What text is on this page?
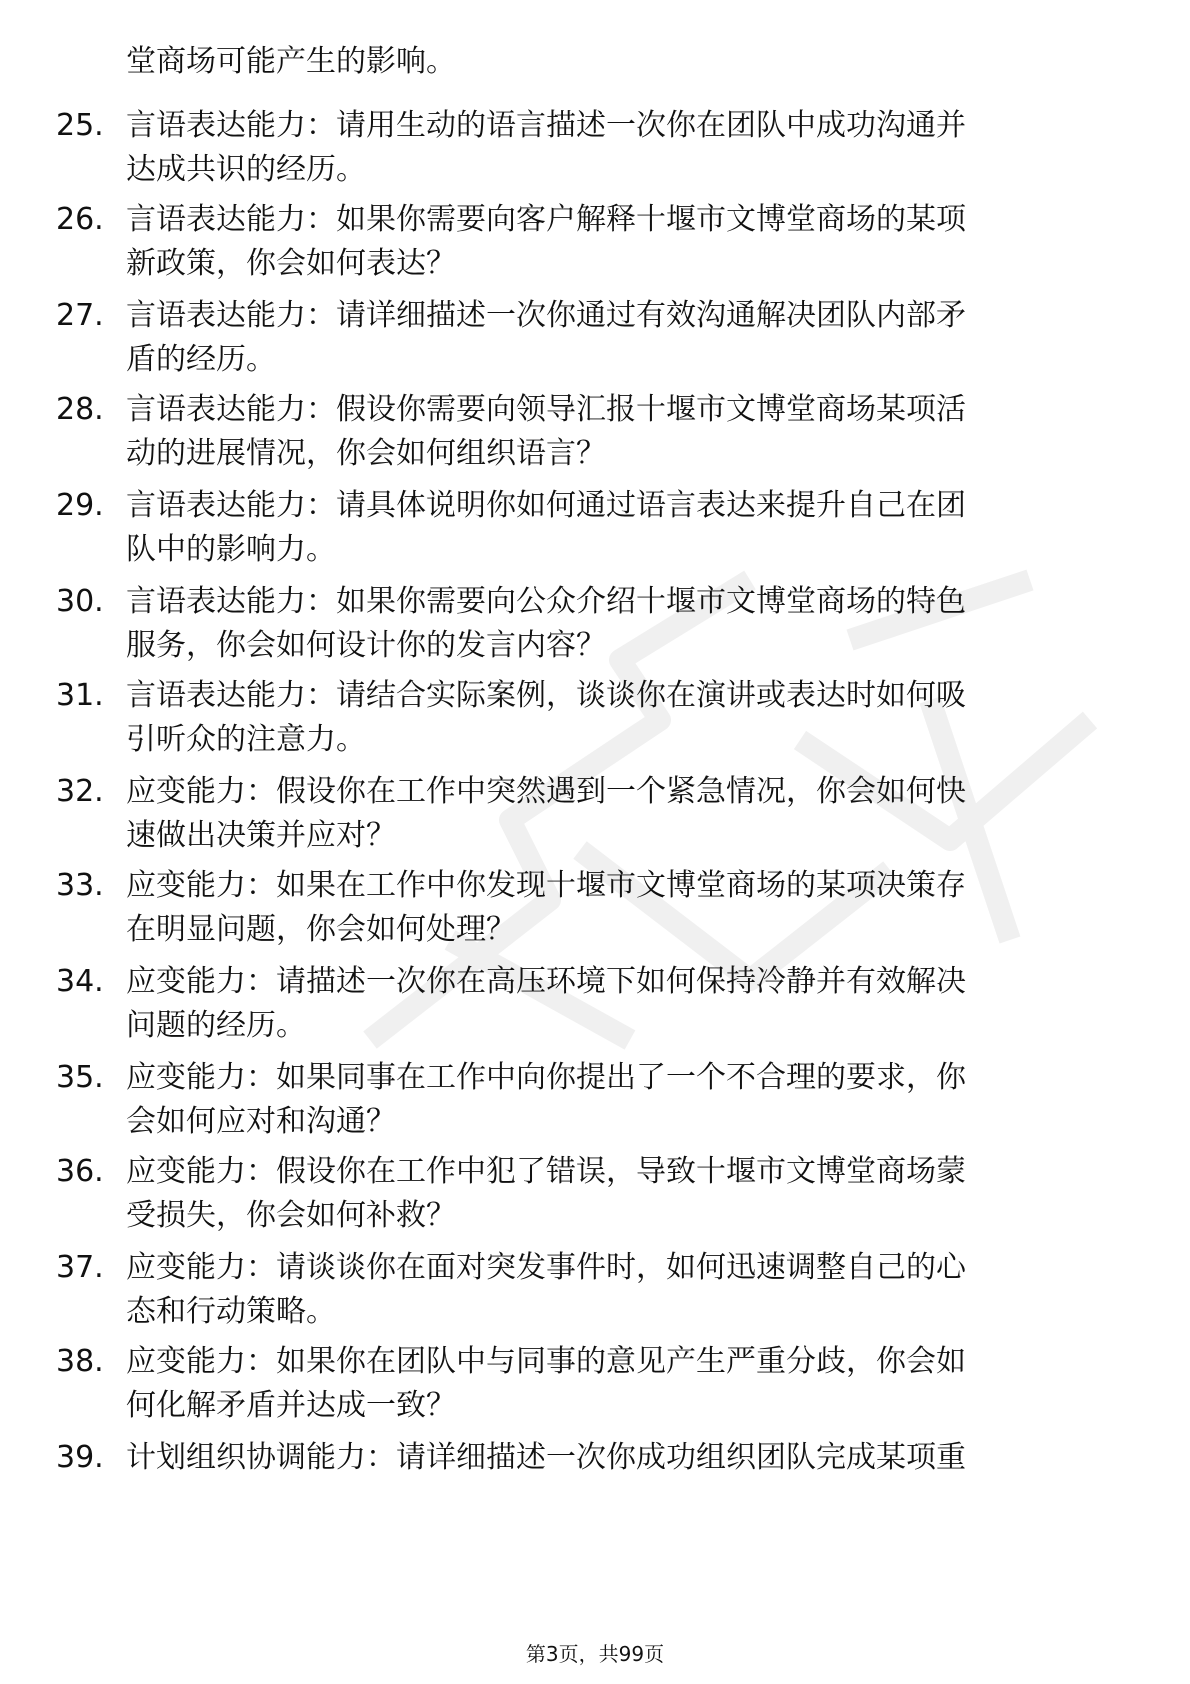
堂商场可能产生的影响。
25. 言语表达能力：请用生动的语言描述一次你在团队中成功沟通并
达成共识的经历。
26. 言语表达能力：如果你需要向客户解释十堰市文博堂商场的某项
新政策，你会如何表达？
27. 言语表达能力：请详细描述一次你通过有效沟通解决团队内部矛
盾的经历。
28. 言语表达能力：假设你需要向领导汇报十堰市文博堂商场某项活
动的进展情况，你会如何组织语言？
29. 言语表达能力：请具体说明你如何通过语言表达来提升自己在团
队中的影响力。
30. 言语表达能力：如果你需要向公众介绍十堰市文博堂商场的特色
服务，你会如何设计你的发言内容？
31. 言语表达能力：请结合实际案例，谈谈你在演讲或表达时如何吸
引听众的注意力。
32. 应变能力：假设你在工作中突然遇到一个紧急情况，你会如何快
速做出决策并应对？
33. 应变能力：如果在工作中你发现十堰市文博堂商场的某项决策存
在明显问题，你会如何处理？
34. 应变能力：请描述一次你在高压环境下如何保持冷静并有效解决
问题的经历。
35. 应变能力：如果同事在工作中向你提出了一个不合理的要求，你
会如何应对和沟通？
36. 应变能力：假设你在工作中犯了错误，导致十堰市文博堂商场蒙
受损失，你会如何补救？
37. 应变能力：请谈谈你在面对突发事件时，如何迅速调整自己的心
态和行动策略。
38. 应变能力：如果你在团队中与同事的意见产生严重分歧，你会如
何化解矛盾并达成一致？
39. 计划组织协调能力：请详细描述一次你成功组织团队完成某项重
第3页，共99页
